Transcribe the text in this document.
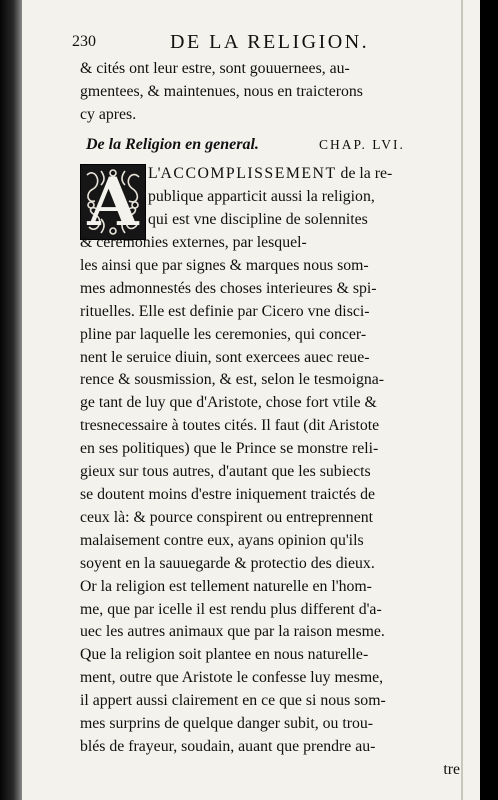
230	DE LA RELIGION.
& cités ont leur estre, sont gouuernees, au-
gmentees, & maintenues, nous en traicterons
cy apres.
De la Religion en general.	CHAP. LVI.
A L'ACCOMPLISSEMENT de la re-
publique apparticit aussi la religion,
qui est vne discipline de solennites
& ceremonies externes, par lesquel-
les ainsi que par signes & marques nous som-
mes admonnestés des choses interieures & spi-
rituelles. Elle est definie par Cicero vne disci-
pline par laquelle les ceremonies, qui concer-
nent le seruice diuin, sont exercees auec reue-
rence & sousmission, & est, selon le tesmoigna-
ge tant de luy que d'Aristote, chose fort vtile &
tresnecessaire à toutes cités. Il faut (dit Aristote
en ses politiques) que le Prince se monstre reli-
gieux sur tous autres, d'autant que les subiects
se doutent moins d'estre iniquement traictés de
ceux là: & pource conspirent ou entreprennent
malaisement contre eux, ayans opinion qu'ils
soyent en la sauuegarde & protectio des dieux.
Or la religion est tellement naturelle en l'hom-
me, que par icelle il est rendu plus different d'a-
uec les autres animaux que par la raison mesme.
Que la religion soit plantee en nous naturelle-
ment, outre que Aristote le confesse luy mesme,
il appert aussi clairement en ce que si nous som-
mes surprins de quelque danger subit, ou trou-
blés de frayeur, soudain, auant que prendre au-
tre
